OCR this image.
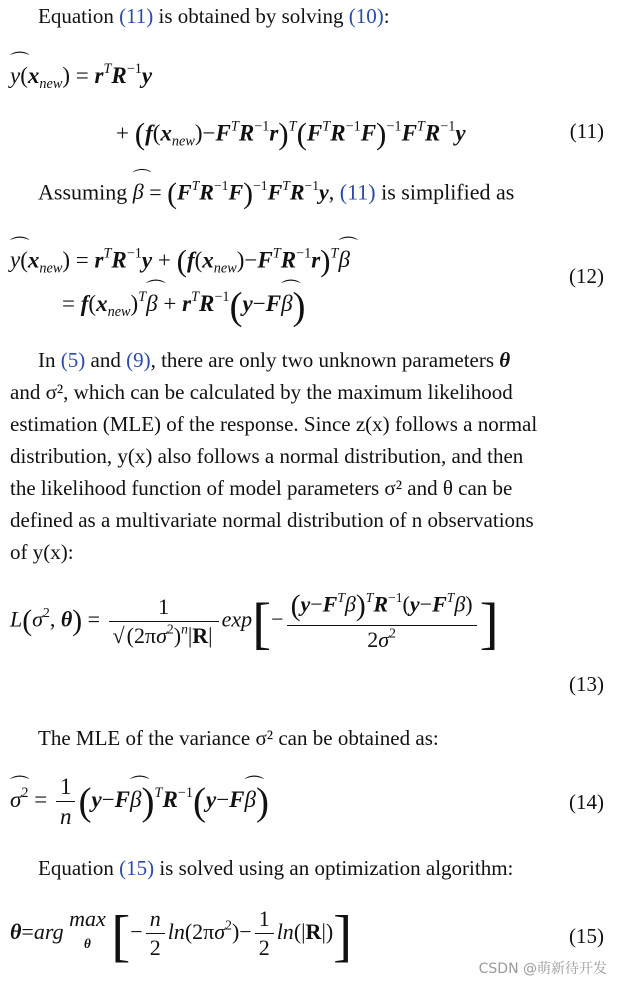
Equation (11) is obtained by solving (10):
⌒ $y(x_{new}) = r^TR^{-1}y$
+ $(f(x_{new})-F^TR^{-1}r)^T(F^TR^{-1}F)^{-1}F^TR^{-1}y$	(11)
Assuming ⌒ $\beta = (F^TR^{-1}F)^{-1}F^TR^{-1}y$, (11) is simplified as
⌒ $y(x_{new}) = r^TR^{-1}y$ + $(f(x_{new})-F^TR^{-1}r)^T⌒$ β
= $f(x_{new})^T⌒$ $\beta + r^TR^{-1}(y-F⌒$ β)
(12)
In (5) and (9), there are only two unknown parameters θ
and σ², which can be calculated by the maximum likelihood
estimation (MLE) of the response. Since z(x) follows a normal
distribution, y(x) also follows a normal distribution, and then
the likelihood function of model parameters σ² and θ can be
defined as a multivariate normal distribution of n observations
of y(x):
$L(\sigma^2$, $\theta) = \frac{1}{√(2\pi\sigma^2)^n|R|} \exp[- \frac{(y-F^T\beta)^TR^{-1}(y-F^T\beta)}{2\sigma^2}$ ]
(13)
The MLE of the variance σ² can be obtained as:
⌒ $\sigma^2 = \frac{1}{n}$ (y−F⌒ $\beta)^TR^{-1}(y-F⌒$ β)	(14)
Equation (15) is solved using an optimization algorithm:
θ=arg max
θ [− $\frac{n}{2} \ln(2\pi\sigma^2)- \frac{1}{2} \ln(|R|)$]	(15)
CSDN @萌新待开发
